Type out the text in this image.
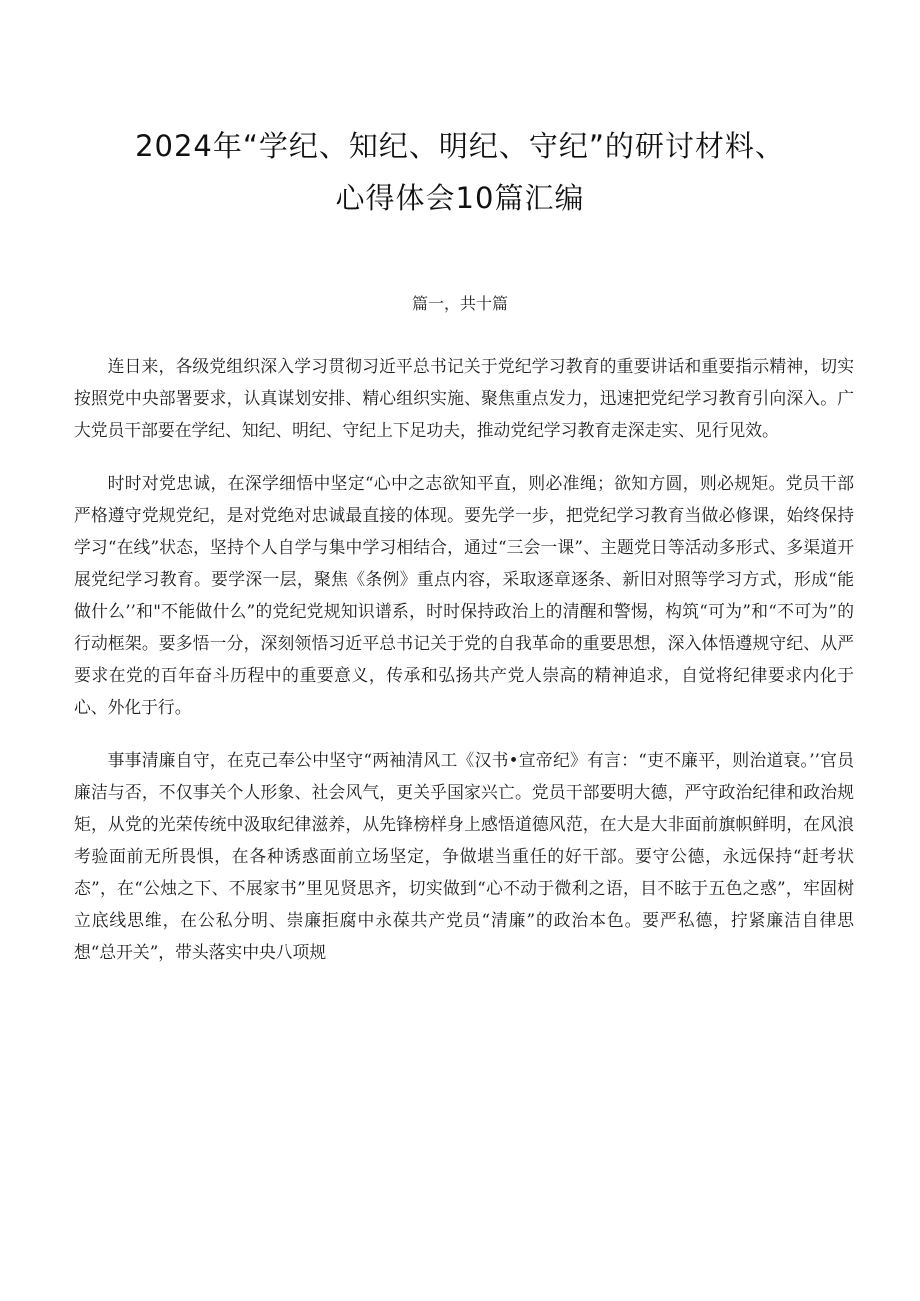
2024年“学纪、知纪、明纪、守纪”的研讨材料、
心得体会10篇汇编
篇一，共十篇

连日来，各级党组织深入学习贯彻习近平总书记关于党纪学习教育的重要讲话和重要指示精神，切实按照党中央部署要求，认真谋划安排、精心组织实施、聚焦重点发力，迅速把党纪学习教育引向深入。广大党员干部要在学纪、知纪、明纪、守纪上下足功夫，推动党纪学习教育走深走实、见行见效。

时时对党忠诚，在深学细悟中坚定“心中之志欲知平直，则必准绳；欲知方圆，则必规矩。党员干部严格遵守党规党纪，是对党绝对忠诚最直接的体现。要先学一步，把党纪学习教育当做必修课，始终保持学习“在线”状态，坚持个人自学与集中学习相结合，通过“三会一课”、主题党日等活动多形式、多渠道开展党纪学习教育。要学深一层，聚焦《条例》重点内容，采取逐章逐条、新旧对照等学习方式，形成“能做什么’’和"不能做什么”的党纪党规知识谱系，时时保持政治上的清醒和警惕，构筑“可为”和“不可为”的行动框架。要多悟一分，深刻领悟习近平总书记关于党的自我革命的重要思想，深入体悟遵规守纪、从严要求在党的百年奋斗历程中的重要意义，传承和弘扬共产党人崇高的精神追求，自觉将纪律要求内化于心、外化于行。

事事清廉自守，在克己奉公中坚守“两袖清风工《汉书•宣帝纪》有言：“吏不廉平，则治道衰。’’官员廉洁与否，不仅事关个人形象、社会风气，更关乎国家兴亡。党员干部要明大德，严守政治纪律和政治规矩，从党的光荣传统中汲取纪律滋养，从先锋榜样身上感悟道德风范，在大是大非面前旗帜鲜明，在风浪考验面前无所畏惧，在各种诱惑面前立场坚定，争做堪当重任的好干部。要守公德，永远保持“赶考状态”，在“公烛之下、不展家书”里见贤思齐，切实做到“心不动于微利之语，目不眩于五色之惑”，牢固树立底线思维，在公私分明、崇廉拒腐中永葆共产党员“清廉”的政治本色。要严私德，拧紧廉洁自律思想“总开关”，带头落实中央八项规
